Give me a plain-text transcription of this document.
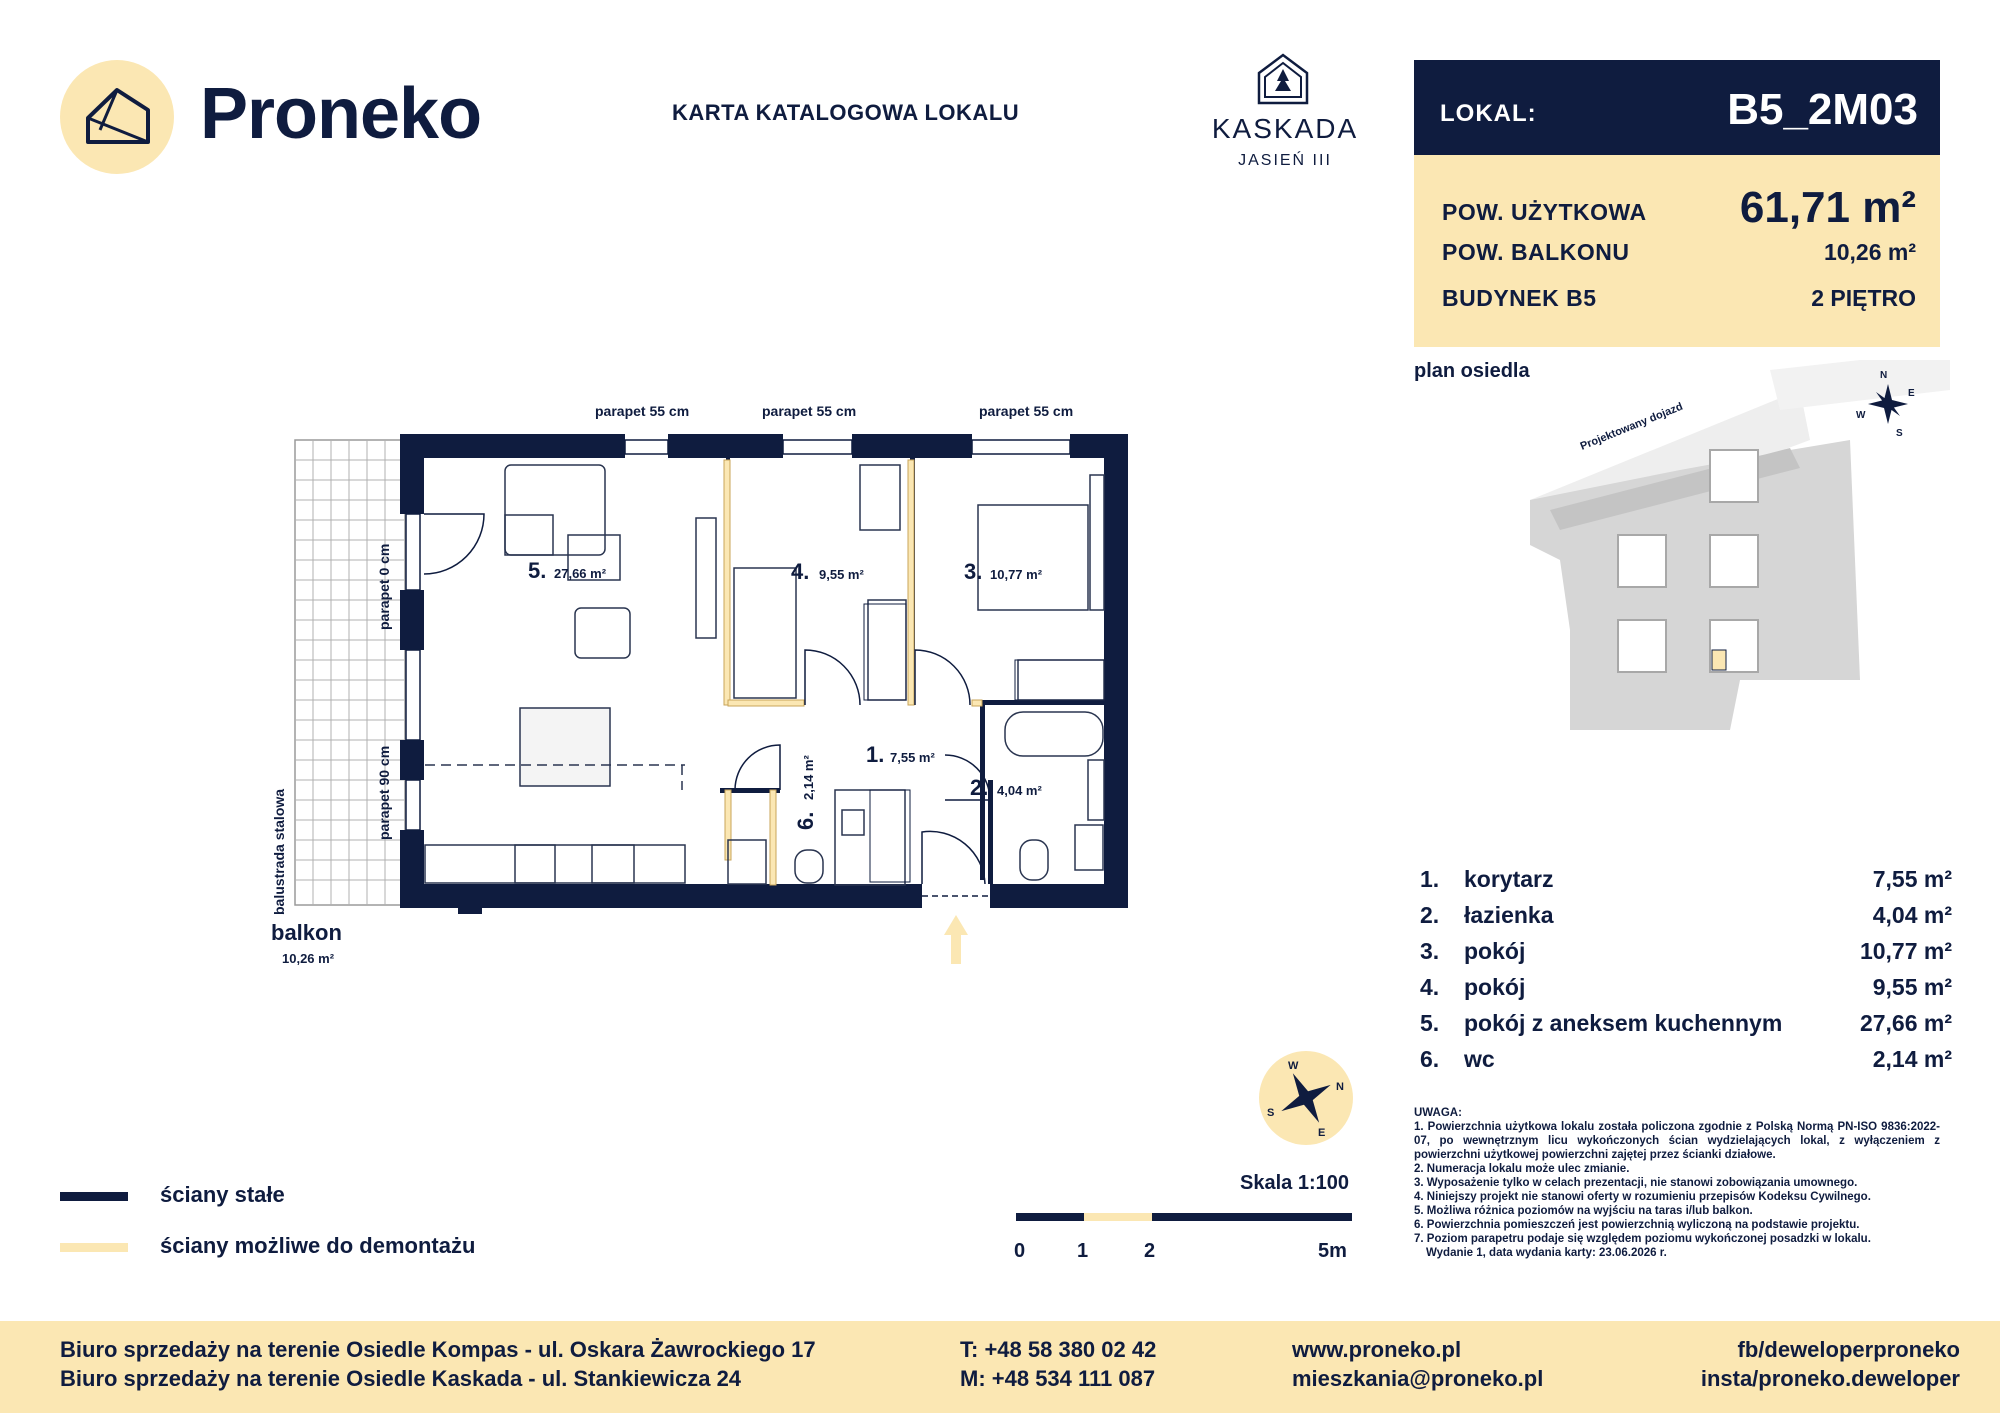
Proneko	KARTA KATALOGOWA LOKALU
KASKADA
JASIEŃ III
LOKAL:	B5_2M03
POW. UŻYTKOWA 61,71 m²
POW. BALKONU	10,26 m²
BUDYNEK B5	2 PIĘTRO
plan osiedla
Projektowany dojazd
N
E
S
W
parapet 55 cm	parapet 55 cm	parapet 55 cm
parapet 0 cm
parapet 90 cm
balustrada stalowa
5. 27,66 m²	4. 9,55 m²	3. 10,77 m²
1. 7,55 m²
2. 4,04 m²
6.
2,14 m²
balkon
10,26 m²
W
N
E
S
1. korytarz	7,55 m²
2. łazienka	4,04 m²
3. pokój	10,77 m²
4. pokój	9,55 m²
5. pokój z aneksem kuchennym	27,66 m²
6. wc	2,14 m²
UWAGA:
1. Powierzchnia użytkowa lokalu została policzona zgodnie z Polską Normą PN-ISO 9836:2022-07, po wewnętrznym licu wykończonych ścian wydzielających lokal, z wyłączeniem z powierzchni użytkowej powierzchni zajętej przez ścianki działowe.
2. Numeracja lokalu może ulec zmianie.
3. Wyposażenie tylko w celach prezentacji, nie stanowi zobowiązania umownego.
4. Niniejszy projekt nie stanowi oferty w rozumieniu przepisów Kodeksu Cywilnego.
5. Możliwa różnica poziomów na wyjściu na taras i/lub balkon.
6. Powierzchnia pomieszczeń jest powierzchnią wyliczoną na podstawie projektu.
7. Poziom parapetru podaje się względem poziomu wykończonej posadzki w lokalu.
Wydanie 1, data wydania karty: 23.06.2026 r.
ściany stałe
ściany możliwe do demontażu
Skala 1:100
0	1	2	5m
Biuro sprzedaży na terenie Osiedle Kompas - ul. Oskara Żawrockiego 17
Biuro sprzedaży na terenie Osiedle Kaskada - ul. Stankiewicza 24
T: +48 58 380 02 42
M: +48 534 111 087
www.proneko.pl
mieszkania@proneko.pl
fb/deweloperproneko
insta/proneko.deweloper
